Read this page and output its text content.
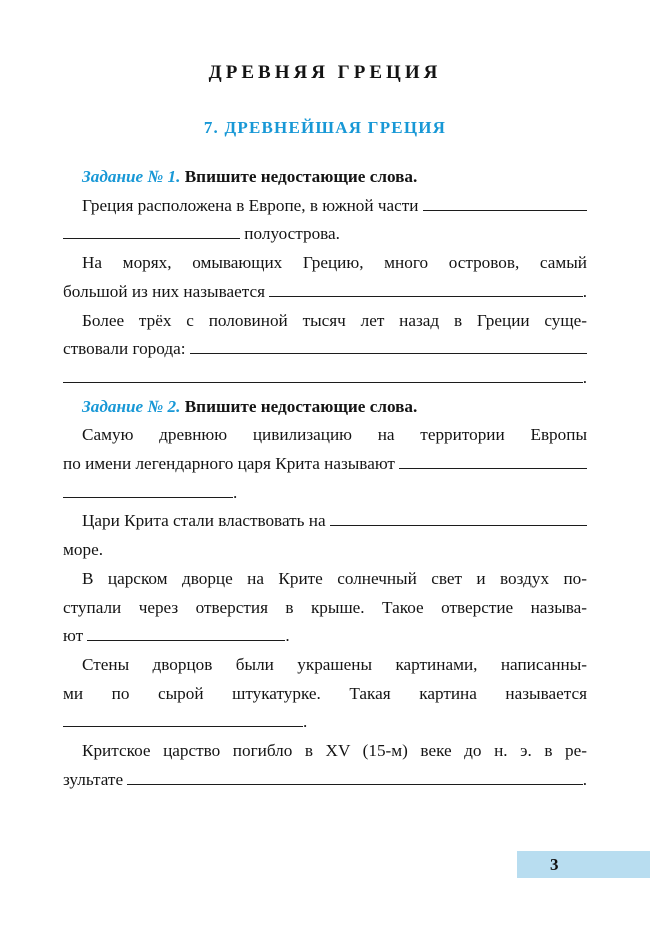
ДРЕВНЯЯ ГРЕЦИЯ
7. ДРЕВНЕЙШАЯ ГРЕЦИЯ
Задание № 1. Впишите недостающие слова.
Греция расположена в Европе, в южной части
полуострова.
На морях, омывающих Грецию, много островов, самый
большой из них называется	.
Более трёх с половиной тысяч лет назад в Греции суще-
ствовали города:
.
Задание № 2. Впишите недостающие слова.
Самую древнюю цивилизацию на территории Европы
по имени легендарного царя Крита называют
.
Цари Крита стали властвовать на
море.
В царском дворце на Крите солнечный свет и воздух по-
ступали через отверстия в крыше. Такое отверстие называ-
ют	.
Стены дворцов были украшены картинами, написанны-
ми по сырой штукатурке. Такая картина называется
.
Критское царство погибло в XV (15-м) веке до н. э. в ре-
зультате	.
3
